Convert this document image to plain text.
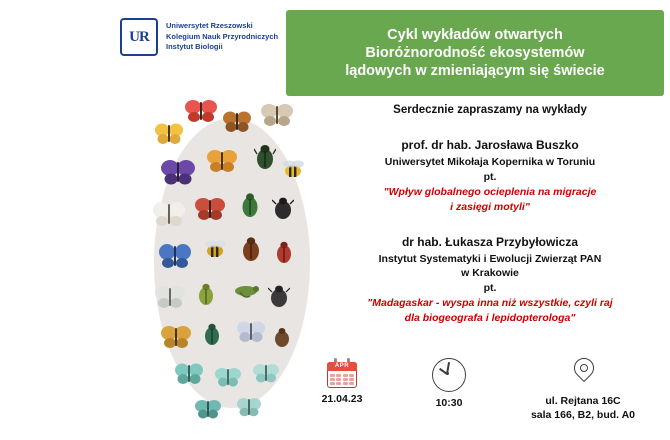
UR
Uniwersytet Rzeszowski
Kolegium Nauk Przyrodniczych
Instytut Biologii
Cykl wykładów otwartych
Bioróżnorodność ekosystemów
lądowych w zmieniającym się świecie
Serdecznie zapraszamy na wykłady
prof. dr hab. Jarosława Buszko
Uniwersytet Mikołaja Kopernika w Toruniu
pt.
"Wpływ globalnego ocieplenia na migracje
i zasięgi motyli"
dr hab. Łukasza Przybyłowicza
Instytut Systematyki i Ewolucji Zwierząt PAN
w Krakowie
pt.
"Madagaskar - wyspa inna niż wszystkie, czyli raj
dla biogeografa i lepidopterologa"
APR
21.04.23	10:30	ul. Rejtana 16C
sala 166, B2, bud. A0
